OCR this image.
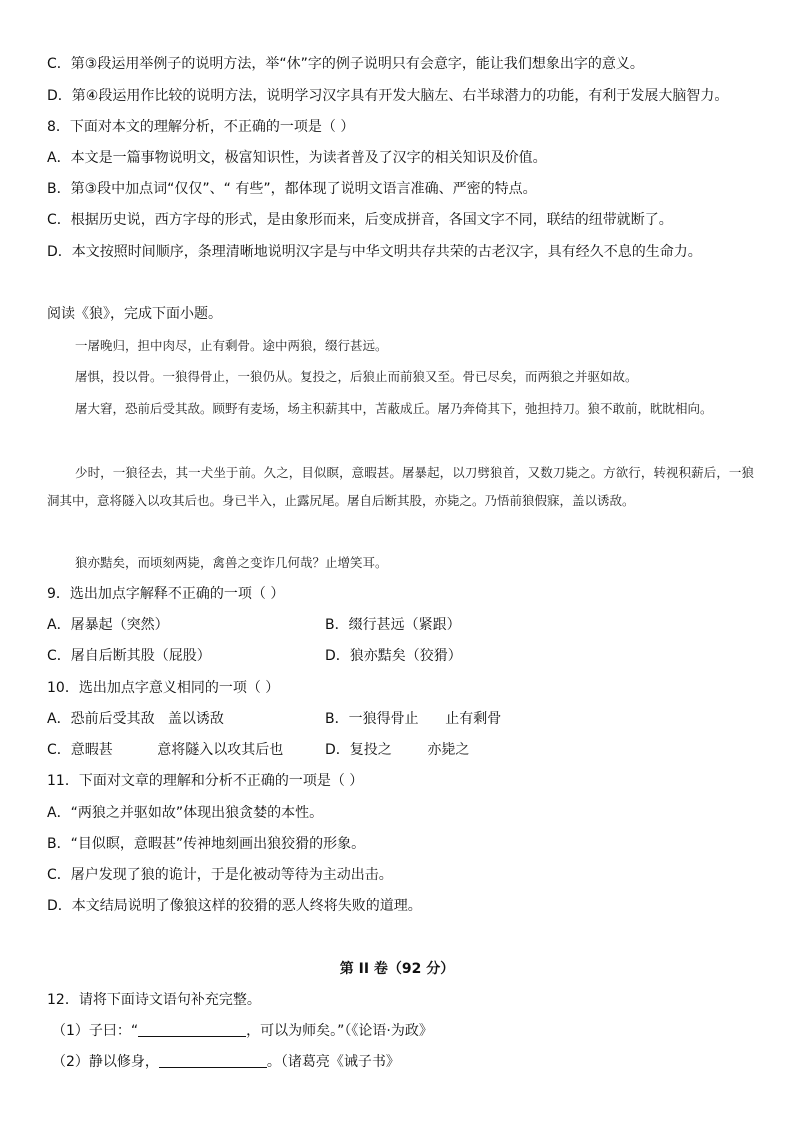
C．第③段运用举例子的说明方法，举“休”字的例子说明只有会意字，能让我们想象出字的意义。
D．第④段运用作比较的说明方法，说明学习汉字具有开发大脑左、右半球潜力的功能，有利于发展大脑智力。
8．下面对本文的理解分析，不正确的一项是（ ）
A．本文是一篇事物说明文，极富知识性，为读者普及了汉字的相关知识及价值。
B．第③段中加点词“仅仅”、“ 有些”，都体现了说明文语言准确、严密的特点。
C．根据历史说，西方字母的形式，是由象形而来，后变成拼音，各国文字不同，联结的纽带就断了。
D．本文按照时间顺序，条理清晰地说明汉字是与中华文明共存共荣的古老汉字，具有经久不息的生命力。
阅读《狼》，完成下面小题。
一屠晚归，担中肉尽，止有剩骨。途中两狼，缀行甚远。
屠惧，投以骨。一狼得骨止，一狼仍从。复投之，后狼止而前狼又至。骨已尽矣，而两狼之并驱如故。
屠大窘，恐前后受其敌。顾野有麦场，场主积薪其中，苫蔽成丘。屠乃奔倚其下，弛担持刀。狼不敢前，眈眈相向。
少时，一狼径去，其一犬坐于前。久之，目似瞑，意暇甚。屠暴起，以刀劈狼首，又数刀毙之。方欲行，转视积薪后，一狼洞其中，意将隧入以攻其后也。身已半入，止露尻尾。屠自后断其股，亦毙之。乃悟前狼假寐，盖以诱敌。
狼亦黠矣，而顷刻两毙，禽兽之变诈几何哉？止增笑耳。
9．选出加点字解释不正确的一项（ ）
A．屠暴起（突然）	B．缀行甚远（紧跟）
C．屠自后断其股（屁股）	D．狼亦黠矣（狡猾）
10．选出加点字意义相同的一项（ ）
A．恐前后受其敌   盖以诱敌	B．一狼得骨止      止有剩骨
C．意暇甚          意将隧入以攻其后也	D．复投之        亦毙之
11．下面对文章的理解和分析不正确的一项是（ ）
A．“两狼之并驱如故”体现出狼贪婪的本性。
B．“目似瞑，意暇甚”传神地刻画出狼狡猾的形象。
C．屠户发现了狼的诡计，于是化被动等待为主动出击。
D．本文结局说明了像狼这样的狡猾的恶人终将失败的道理。
第 II 卷（92 分）
12．请将下面诗文语句补充完整。
（1）子曰：“	，可以为师矣。”（《论语·为政》
（2）静以修身，	。（诸葛亮《诫子书》
